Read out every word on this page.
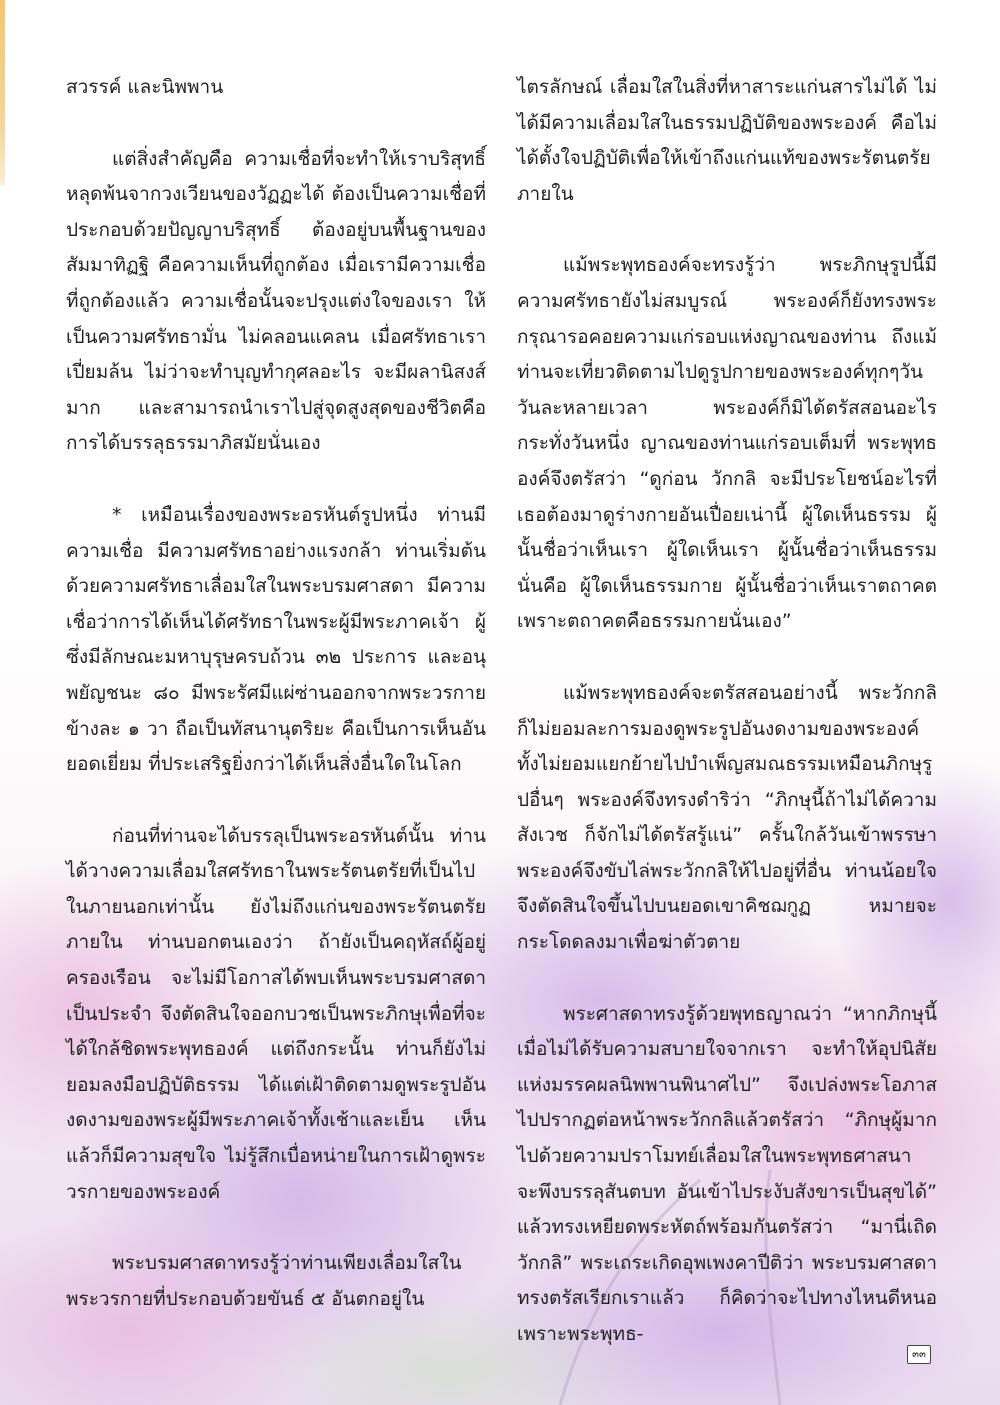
สวรรค์ และนิพพาน

แต่สิ่งสำคัญคือ ความเชื่อที่จะทำให้เราบริสุทธิ์ หลุดพ้นจากวงเวียนของวัฏฏะได้ ต้องเป็นความเชื่อที่ประกอบด้วยปัญญาบริสุทธิ์ ต้องอยู่บนพื้นฐานของสัมมาทิฏฐิ คือความเห็นที่ถูกต้อง เมื่อเรามีความเชื่อที่ถูกต้องแล้ว ความเชื่อนั้นจะปรุงแต่งใจของเรา ให้เป็นความศรัทธามั่น ไม่คลอนแคลน เมื่อศรัทธาเราเปี่ยมล้น ไม่ว่าจะทำบุญทำกุศลอะไร จะมีผลานิสงส์มาก และสามารถนำเราไปสู่จุดสูงสุดของชีวิตคือ การได้บรรลุธรรมาภิสมัยนั่นเอง

* เหมือนเรื่องของพระอรหันต์รูปหนึ่ง ท่านมีความเชื่อ มีความศรัทธาอย่างแรงกล้า ท่านเริ่มต้นด้วยความศรัทธาเลื่อมใสในพระบรมศาสดา มีความเชื่อว่าการได้เห็นได้ศรัทธาในพระผู้มีพระภาคเจ้า ผู้ซึ่งมีลักษณะมหาบุรุษครบถ้วน ๓๒ ประการ และอนุพยัญชนะ ๘๐ มีพระรัศมีแผ่ซ่านออกจากพระวรกายข้างละ ๑ วา ถือเป็นทัสนานุตริยะ คือเป็นการเห็นอันยอดเยี่ยม ที่ประเสริฐยิ่งกว่าได้เห็นสิ่งอื่นใดในโลก

ก่อนที่ท่านจะได้บรรลุเป็นพระอรหันต์นั้น ท่านได้วางความเลื่อมใสศรัทธาในพระรัตนตรัยที่เป็นไปในภายนอกเท่านั้น ยังไม่ถึงแก่นของพระรัตนตรัยภายใน ท่านบอกตนเองว่า ถ้ายังเป็นคฤหัสถ์ผู้อยู่ครองเรือน จะไม่มีโอกาสได้พบเห็นพระบรมศาสดาเป็นประจำ จึงตัดสินใจออกบวชเป็นพระภิกษุเพื่อที่จะได้ใกล้ชิดพระพุทธองค์ แต่ถึงกระนั้น ท่านก็ยังไม่ยอมลงมือปฏิบัติธรรม ได้แต่เฝ้าติดตามดูพระรูปอันงดงามของพระผู้มีพระภาคเจ้าทั้งเช้าและเย็น เห็นแล้วก็มีความสุขใจ ไม่รู้สึกเบื่อหน่ายในการเฝ้าดูพระวรกายของพระองค์

พระบรมศาสดาทรงรู้ว่าท่านเพียงเลื่อมใสในพระวรกายที่ประกอบด้วยขันธ์ ๕ อันตกอยู่ใน

ไตรลักษณ์ เลื่อมใสในสิ่งที่หาสาระแก่นสารไม่ได้ ไม่ได้มีความเลื่อมใสในธรรมปฏิบัติของพระองค์ คือไม่ได้ตั้งใจปฏิบัติเพื่อให้เข้าถึงแก่นแท้ของพระรัตนตรัยภายใน

แม้พระพุทธองค์จะทรงรู้ว่า พระภิกษุรูปนี้มีความศรัทธายังไม่สมบูรณ์ พระองค์ก็ยังทรงพระกรุณารอคอยความแก่รอบแห่งญาณของท่าน ถึงแม้ท่านจะเที่ยวติดตามไปดูรูปกายของพระองค์ทุกๆวัน วันละหลายเวลา พระองค์ก็มิได้ตรัสสอนอะไร กระทั่งวันหนึ่ง ญาณของท่านแก่รอบเต็มที่ พระพุทธองค์จึงตรัสว่า “ดูก่อน วักกลิ จะมีประโยชน์อะไรที่เธอต้องมาดูร่างกายอันเปื่อยเน่านี้ ผู้ใดเห็นธรรม ผู้นั้นชื่อว่าเห็นเรา ผู้ใดเห็นเรา ผู้นั้นชื่อว่าเห็นธรรม นั่นคือ ผู้ใดเห็นธรรมกาย ผู้นั้นชื่อว่าเห็นเราตถาคต เพราะตถาคตคือธรรมกายนั่นเอง”

แม้พระพุทธองค์จะตรัสสอนอย่างนี้ พระวักกลิ ก็ไม่ยอมละการมองดูพระรูปอันงดงามของพระองค์ ทั้งไม่ยอมแยกย้ายไปบำเพ็ญสมณธรรมเหมือนภิกษุรูปอื่นๆ พระองค์จึงทรงดำริว่า “ภิกษุนี้ถ้าไม่ได้ความสังเวช ก็จักไม่ได้ตรัสรู้แน่” ครั้นใกล้วันเข้าพรรษา พระองค์จึงขับไล่พระวักกลิให้ไปอยู่ที่อื่น ท่านน้อยใจ จึงตัดสินใจขึ้นไปบนยอดเขาคิชฌกูฏ หมายจะกระโดดลงมาเพื่อฆ่าตัวตาย

พระศาสดาทรงรู้ด้วยพุทธญาณว่า “หากภิกษุนี้เมื่อไม่ได้รับความสบายใจจากเรา จะทำให้อุปนิสัยแห่งมรรคผลนิพพานพินาศไป” จึงเปล่งพระโอภาสไปปรากฏต่อหน้าพระวักกลิแล้วตรัสว่า “ภิกษุผู้มากไปด้วยความปราโมทย์เลื่อมใสในพระพุทธศาสนา จะพึงบรรลุสันตบท อันเข้าไประงับสังขารเป็นสุขได้” แล้วทรงเหยียดพระหัตถ์พร้อมกันตรัสว่า “มานี่เถิด วักกลิ” พระเถระเกิดอุพเพงคาปีติว่า พระบรมศาสดาทรงตรัสเรียกเราแล้ว ก็คิดว่าจะไปทางไหนดีหนอ เพราะพระพุทธ-

๓๓
